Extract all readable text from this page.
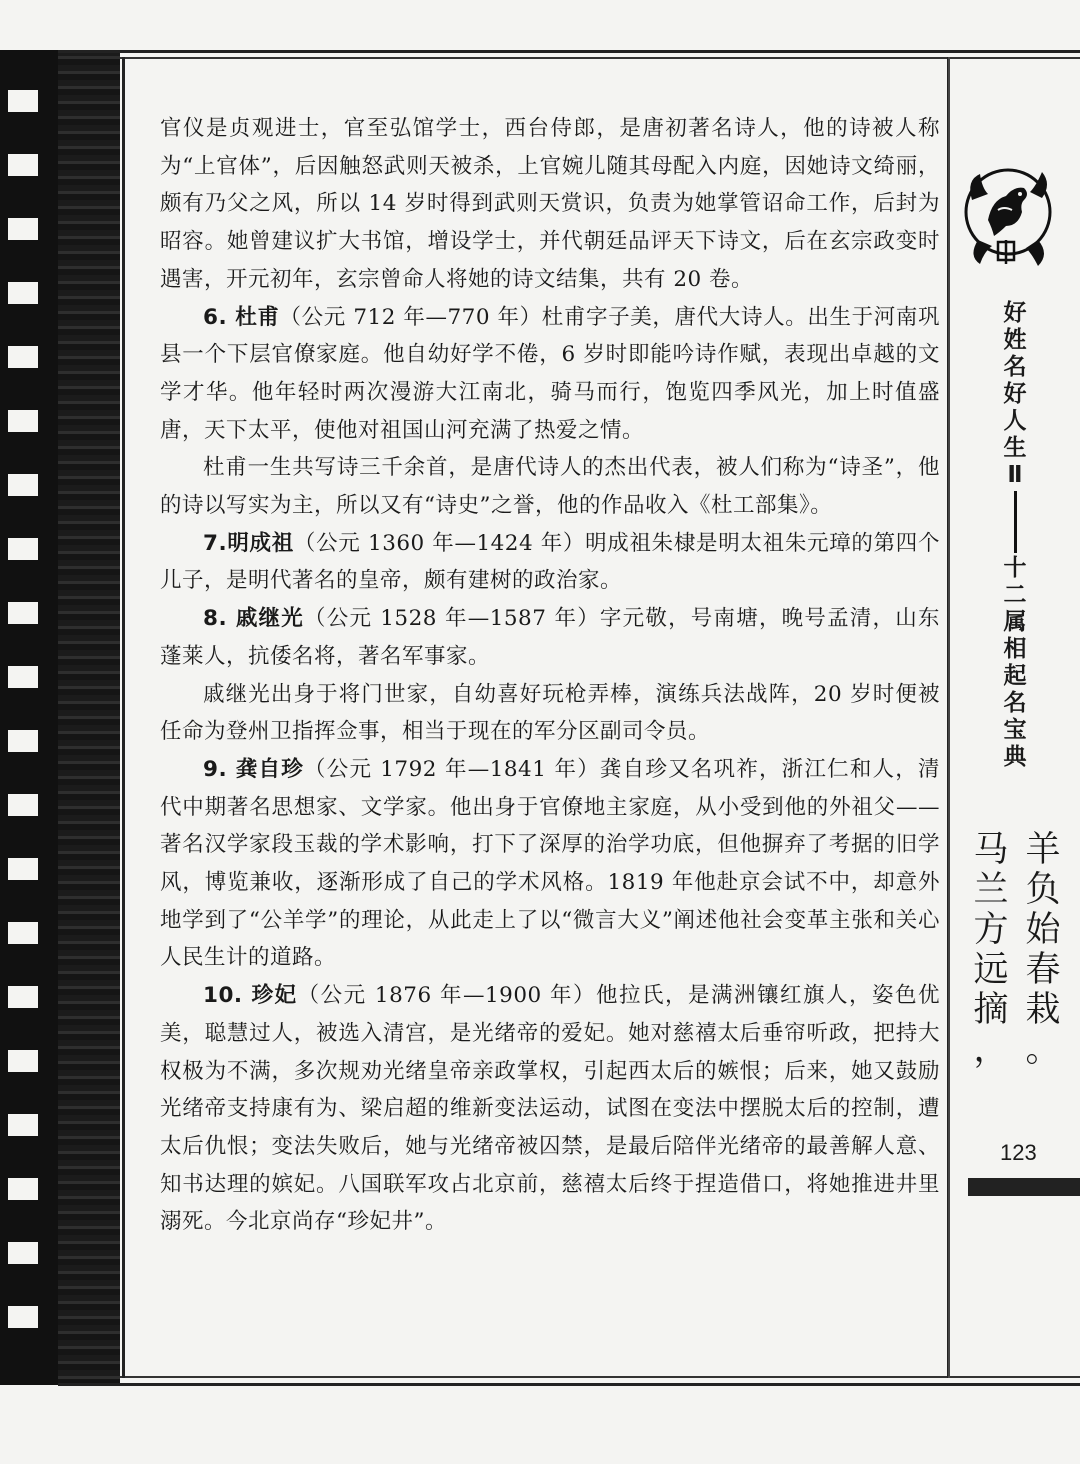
官仪是贞观进士，官至弘馆学士，西台侍郎，是唐初著名诗人，他的诗被人称为“上官体”，后因触怒武则天被杀，上官婉儿随其母配入内庭，因她诗文绮丽，颇有乃父之风，所以 14 岁时得到武则天赏识，负责为她掌管诏命工作，后封为昭容。她曾建议扩大书馆，增设学士，并代朝廷品评天下诗文，后在玄宗政变时遇害，开元初年，玄宗曾命人将她的诗文结集，共有 20 卷。

6. 杜甫（公元 712 年—770 年）杜甫字子美，唐代大诗人。出生于河南巩县一个下层官僚家庭。他自幼好学不倦，6 岁时即能吟诗作赋，表现出卓越的文学才华。他年轻时两次漫游大江南北，骑马而行，饱览四季风光，加上时值盛唐，天下太平，使他对祖国山河充满了热爱之情。

杜甫一生共写诗三千余首，是唐代诗人的杰出代表，被人们称为“诗圣”，他的诗以写实为主，所以又有“诗史”之誉，他的作品收入《杜工部集》。

7.明成祖（公元 1360 年—1424 年）明成祖朱棣是明太祖朱元璋的第四个儿子，是明代著名的皇帝，颇有建树的政治家。

8. 戚继光（公元 1528 年—1587 年）字元敬，号南塘，晚号孟清，山东蓬莱人，抗倭名将，著名军事家。

戚继光出身于将门世家，自幼喜好玩枪弄棒，演练兵法战阵，20 岁时便被任命为登州卫指挥佥事，相当于现在的军分区副司令员。

9. 龚自珍（公元 1792 年—1841 年）龚自珍又名巩祚，浙江仁和人，清代中期著名思想家、文学家。他出身于官僚地主家庭，从小受到他的外祖父——著名汉学家段玉裁的学术影响，打下了深厚的治学功底，但他摒弃了考据的旧学风，博览兼收，逐渐形成了自己的学术风格。1819 年他赴京会试不中，却意外地学到了“公羊学”的理论，从此走上了以“微言大义”阐述他社会变革主张和关心人民生计的道路。

10. 珍妃（公元 1876 年—1900 年）他拉氏，是满洲镶红旗人，姿色优美，聪慧过人，被选入清宫，是光绪帝的爱妃。她对慈禧太后垂帘听政，把持大权极为不满，多次规劝光绪皇帝亲政掌权，引起西太后的嫉恨；后来，她又鼓励光绪帝支持康有为、梁启超的维新变法运动，试图在变法中摆脱太后的控制，遭太后仇恨；变法失败后，她与光绪帝被囚禁，是最后陪伴光绪帝的最善解人意、知书达理的嫔妃。八国联军攻占北京前，慈禧太后终于捏造借口，将她推进井里溺死。今北京尚存“珍妃井”。

好
姓
名
好
人
生
Ⅱ
十
二
属
相
起
名
宝
典
羊
负
始
春
栽
。
马
兰
方
远
摘
，
123
